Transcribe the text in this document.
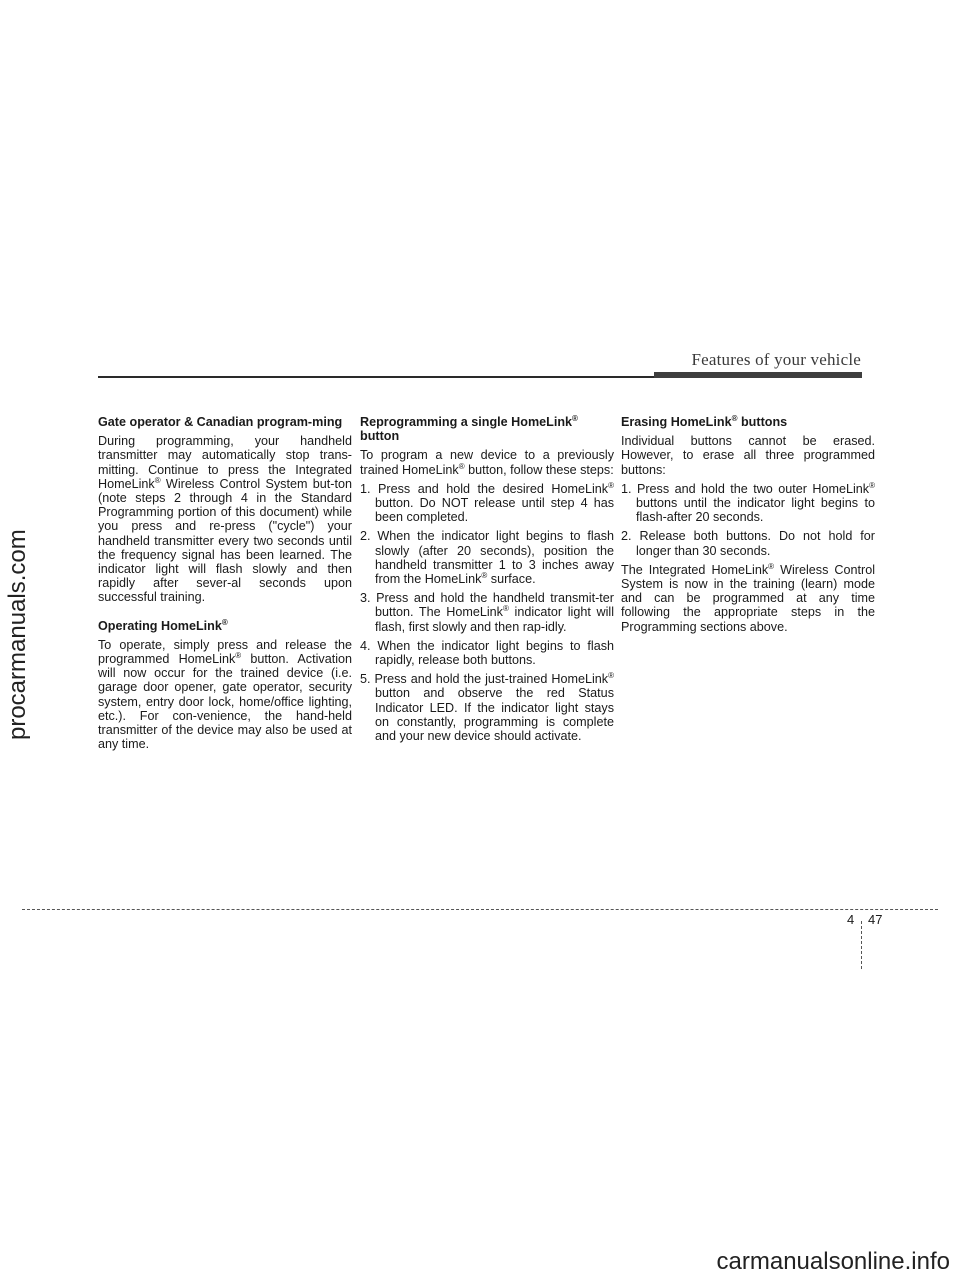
Features of your vehicle

Gate operator & Canadian program-ming

During programming, your handheld transmitter may automatically stop trans-mitting. Continue to press the Integrated HomeLink® Wireless Control System but-ton (note steps 2 through 4 in the Standard Programming portion of this document) while you press and re-press ("cycle") your handheld transmitter every two seconds until the frequency signal has been learned. The indicator light will flash slowly and then rapidly after sever-al seconds upon successful training.

Operating HomeLink®

To operate, simply press and release the programmed HomeLink® button. Activation will now occur for the trained device (i.e. garage door opener, gate operator, security system, entry door lock, home/office lighting, etc.). For con-venience, the hand-held transmitter of the device may also be used at any time.

Reprogramming a single HomeLink® button

To program a new device to a previously trained HomeLink® button, follow these steps:

1. Press and hold the desired HomeLink® button. Do NOT release until step 4 has been completed.

2. When the indicator light begins to flash slowly (after 20 seconds), position the handheld transmitter 1 to 3 inches away from the HomeLink® surface.

3. Press and hold the handheld transmit-ter button. The HomeLink® indicator light will flash, first slowly and then rap-idly.

4. When the indicator light begins to flash rapidly, release both buttons.

5. Press and hold the just-trained HomeLink® button and observe the red Status Indicator LED. If the indicator light stays on constantly, programming is complete and your new device should activate.

Erasing HomeLink® buttons

Individual buttons cannot be erased. However, to erase all three programmed buttons:

1. Press and hold the two outer HomeLink® buttons until the indicator light begins to flash-after 20 seconds.

2. Release both buttons. Do not hold for longer than 30 seconds.

The Integrated HomeLink® Wireless Control System is now in the training (learn) mode and can be programmed at any time following the appropriate steps in the Programming sections above.

4 47
procarmanuals.com
carmanualsonline.info
